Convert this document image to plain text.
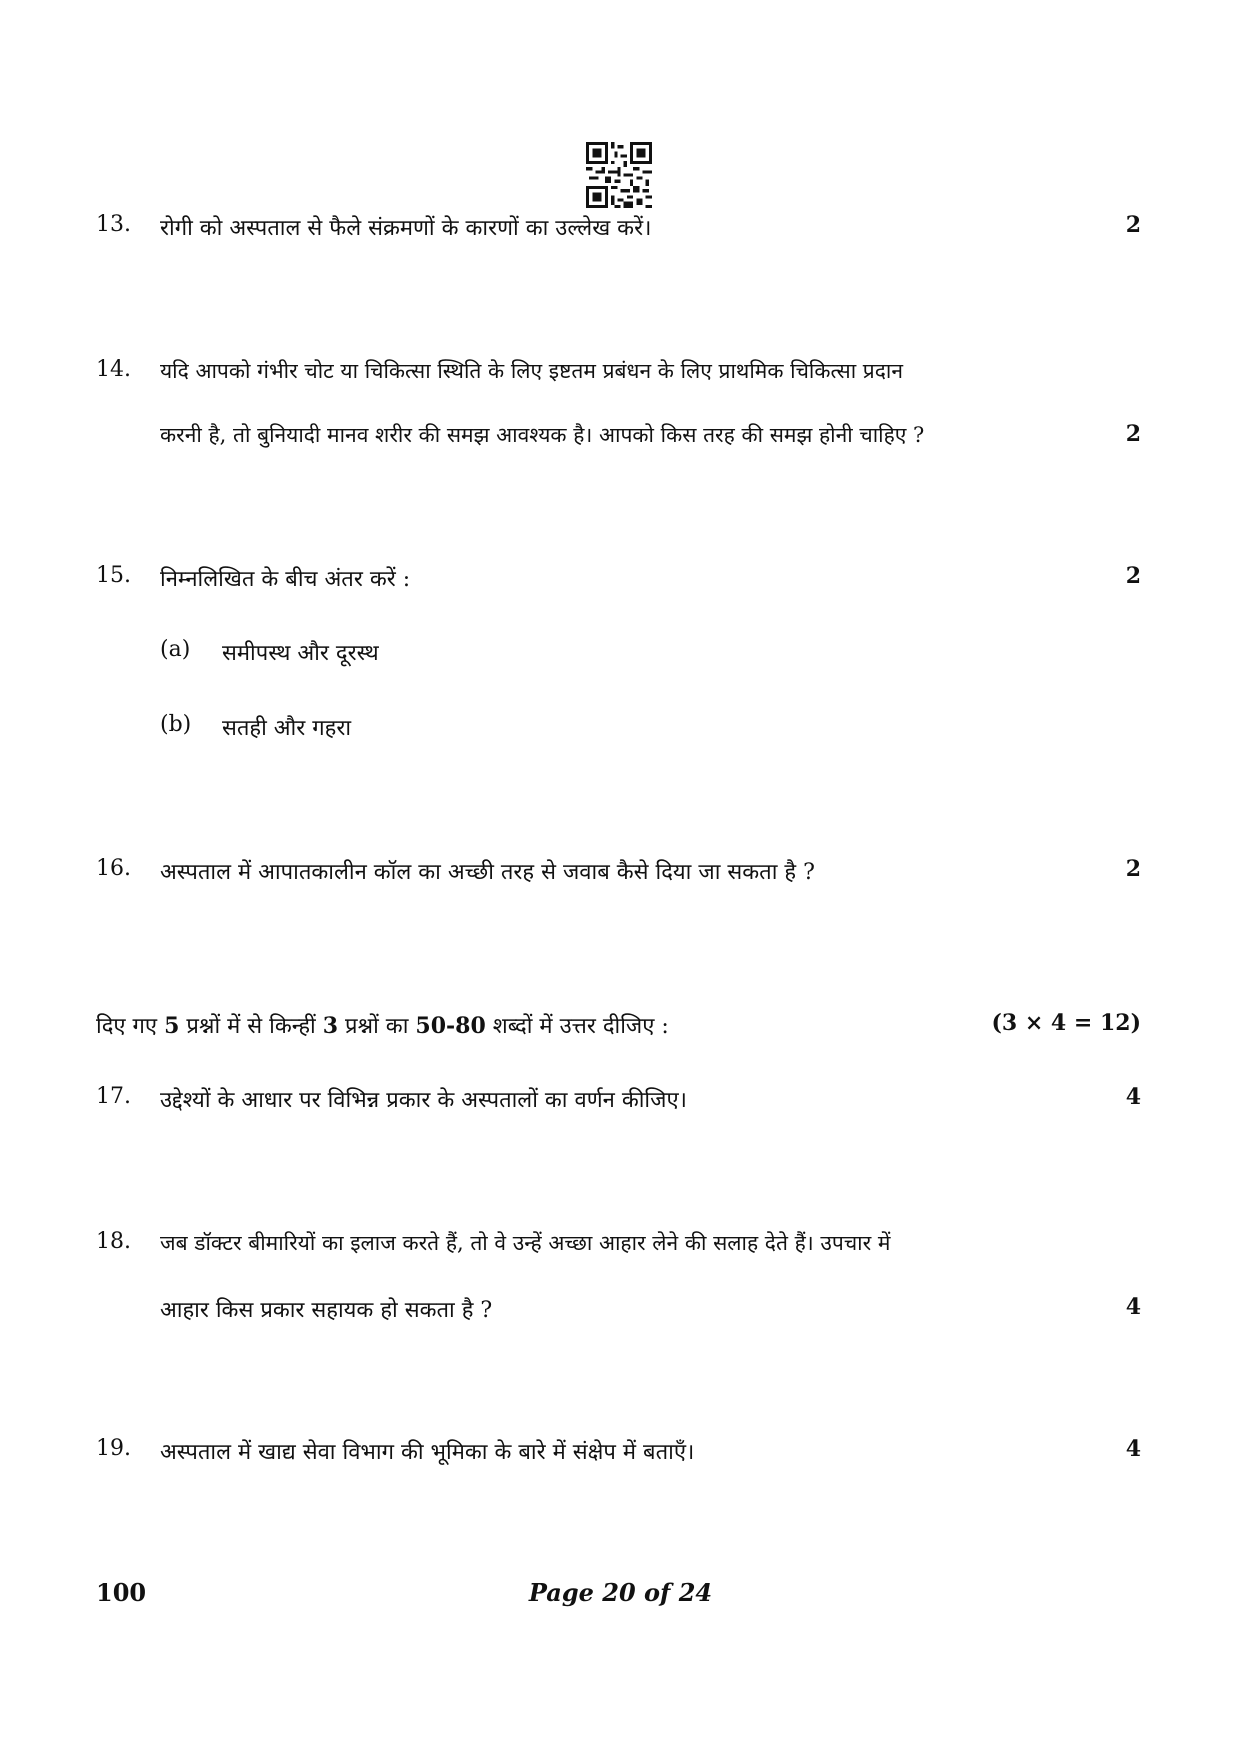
13. रोगी को अस्पताल से फैले संक्रमणों के कारणों का उल्लेख करें।	2
14. यदि आपको गंभीर चोट या चिकित्सा स्थिति के लिए इष्टतम प्रबंधन के लिए प्राथमिक चिकित्सा प्रदान
करनी है, तो बुनियादी मानव शरीर की समझ आवश्यक है। आपको किस तरह की समझ होनी चाहिए ?	2
15. निम्नलिखित के बीच अंतर करें :	2
(a) समीपस्थ और दूरस्थ
(b) सतही और गहरा
16. अस्पताल में आपातकालीन कॉल का अच्छी तरह से जवाब कैसे दिया जा सकता है ?	2
दिए गए 5 प्रश्नों में से किन्हीं 3 प्रश्नों का 50-80 शब्दों में उत्तर दीजिए :	(3 × 4 = 12)
17. उद्देश्यों के आधार पर विभिन्न प्रकार के अस्पतालों का वर्णन कीजिए।	4
18. जब डॉक्टर बीमारियों का इलाज करते हैं, तो वे उन्हें अच्छा आहार लेने की सलाह देते हैं। उपचार में
आहार किस प्रकार सहायक हो सकता है ?	4
19. अस्पताल में खाद्य सेवा विभाग की भूमिका के बारे में संक्षेप में बताएँ।	4
100	Page 20 of 24
